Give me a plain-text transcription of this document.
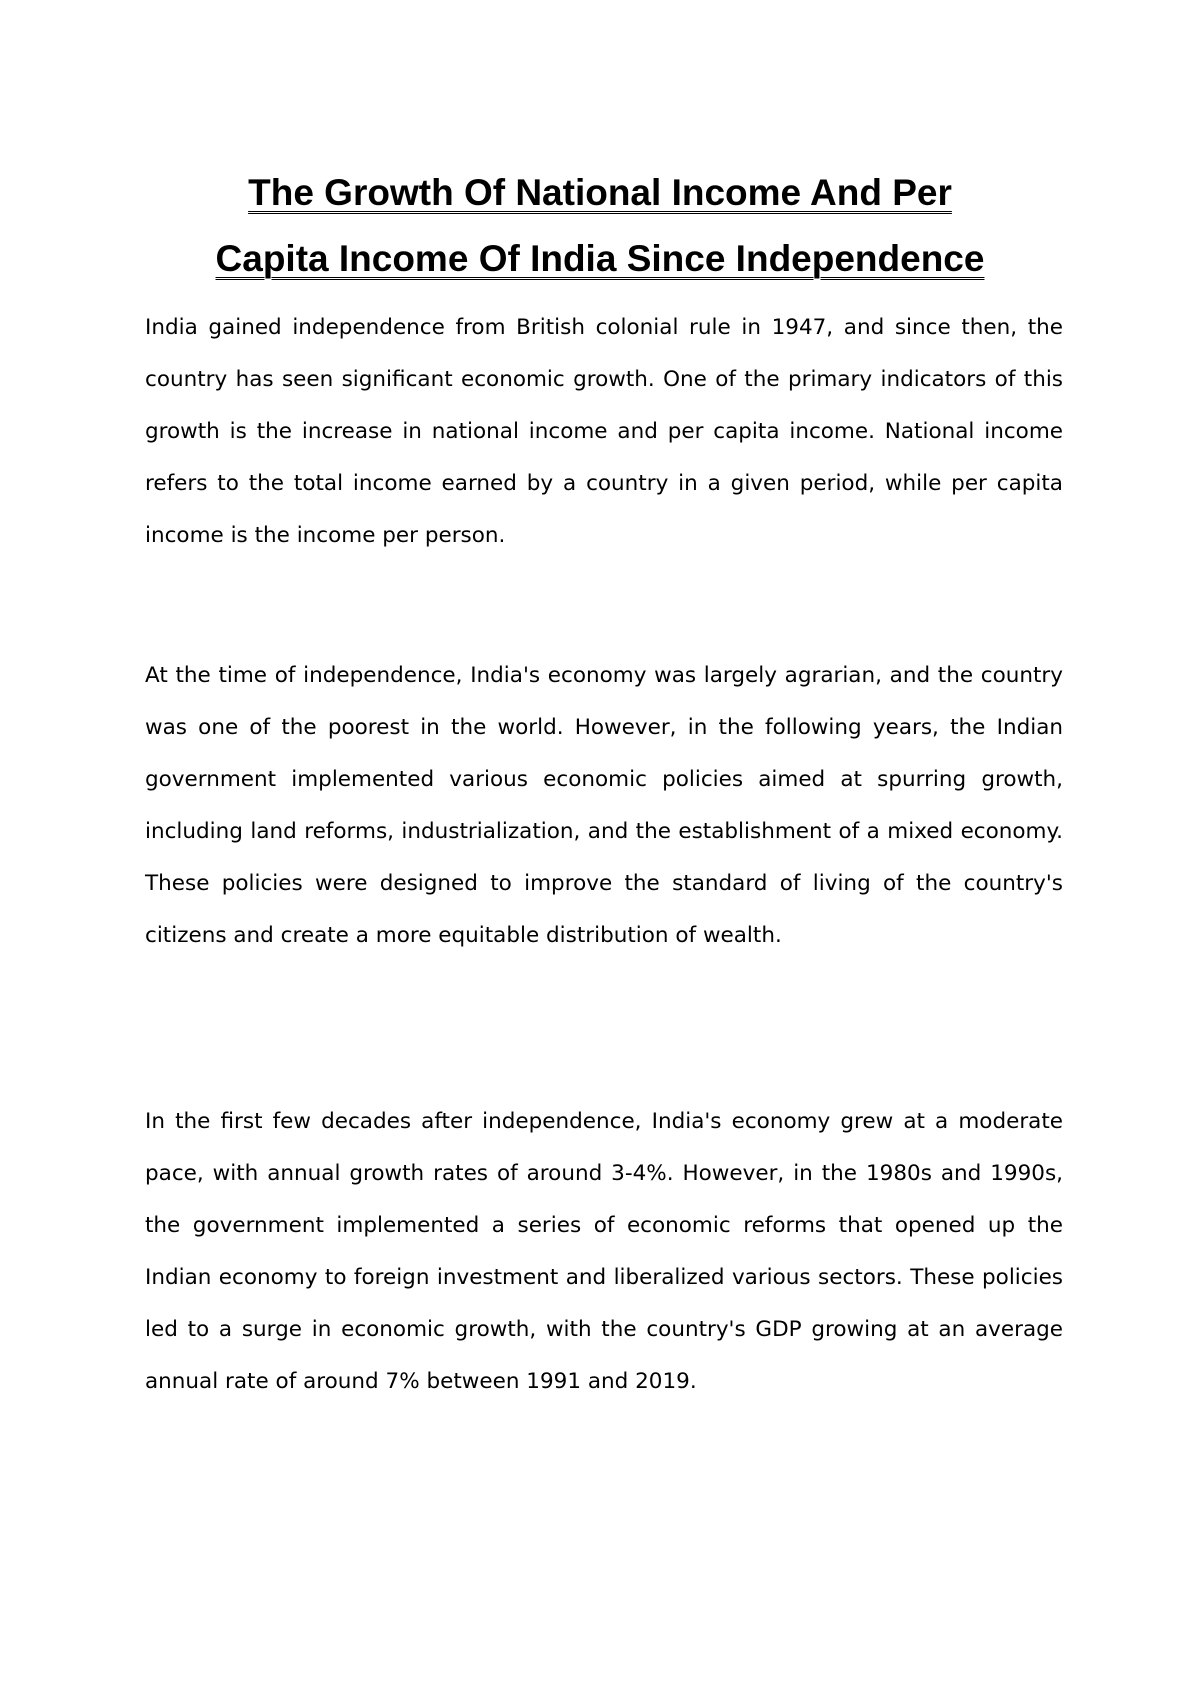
The Growth Of National Income And Per
Capita Income Of India Since Independence

India gained independence from British colonial rule in 1947, and since then, the country has seen significant economic growth. One of the primary indicators of this growth is the increase in national income and per capita income. National income refers to the total income earned by a country in a given period, while per capita income is the income per person.

At the time of independence, India's economy was largely agrarian, and the country was one of the poorest in the world. However, in the following years, the Indian government implemented various economic policies aimed at spurring growth, including land reforms, industrialization, and the establishment of a mixed economy. These policies were designed to improve the standard of living of the country's citizens and create a more equitable distribution of wealth.

In the first few decades after independence, India's economy grew at a moderate pace, with annual growth rates of around 3-4%. However, in the 1980s and 1990s, the government implemented a series of economic reforms that opened up the Indian economy to foreign investment and liberalized various sectors. These policies led to a surge in economic growth, with the country's GDP growing at an average annual rate of around 7% between 1991 and 2019.
